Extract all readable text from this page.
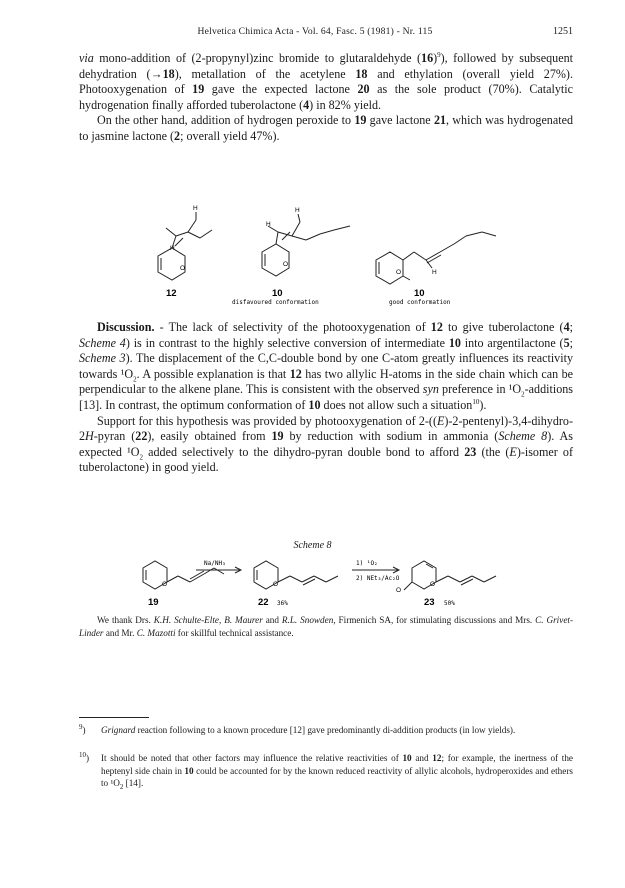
Helvetica Chimica Acta - Vol. 64, Fasc. 5 (1981) - Nr. 115	1251

via mono-addition of (2-propynyl)zinc bromide to glutaraldehyde $(16)^9$), followed by subsequent dehydration (→18), metallation of the acetylene 18 and ethylation (overall yield 27%). Photooxygenation of 19 gave the expected lactone 20 as the sole product (70%). Catalytic hydrogenation finally afforded tuberolactone (4) in 82% yield.

On the other hand, addition of hydrogen peroxide to 19 gave lactone 21, which was hydrogenated to jasmine lactone (2; overall yield 47%).

H
H
O
H
H
O
O	H
12	10	10
disfavoured conformation	good conformation
O	O	O
O
Na/NH₃	1) ¹O₂
2) NEt₃/Ac₂O
19	22 36%	23 50%

Discussion. - The lack of selectivity of the photooxygenation of 12 to give tuberolactone (4; Scheme 4) is in contrast to the highly selective conversion of intermediate 10 into argentilactone (5; Scheme 3). The displacement of the C,C-double bond by one C-atom greatly influences its reactivity towards $^1O_2$. A possible explanation is that 12 has two allylic H-atoms in the side chain which can be perpendicular to the alkene plane. This is consistent with the observed syn preference in $^1O_2$-additions [13]. In contrast, the optimum conformation of 10 does not allow such a situation$^{10}$).

Support for this hypothesis was provided by photooxygenation of 2-((E)-2-pentenyl)-3,4-dihydro-2H-pyran (22), easily obtained from 19 by reduction with sodium in ammonia (Scheme 8). As expected $^1O_2$ added selectively to the dihydro-pyran double bond to afford 23 (the (E)-isomer of tuberolactone) in good yield.

Scheme 8
We thank Drs. K.H. Schulte-Elte, B. Maurer and R.L. Snowden, Firmenich SA, for stimulating discussions and Mrs. C. Grivet-Linder and Mr. C. Mazotti for skillful technical assistance.
$^9$)	Grignard reaction following to a known procedure [12] gave predominantly di-addition products (in low yields).
$^{10}$)	It should be noted that other factors may influence the relative reactivities of 10 and 12; for example, the inertness of the heptenyl side chain in 10 could be accounted for by the known reduced reactivity of allylic alcohols, hydroperoxides and ethers to $^1O_2$ [14].
